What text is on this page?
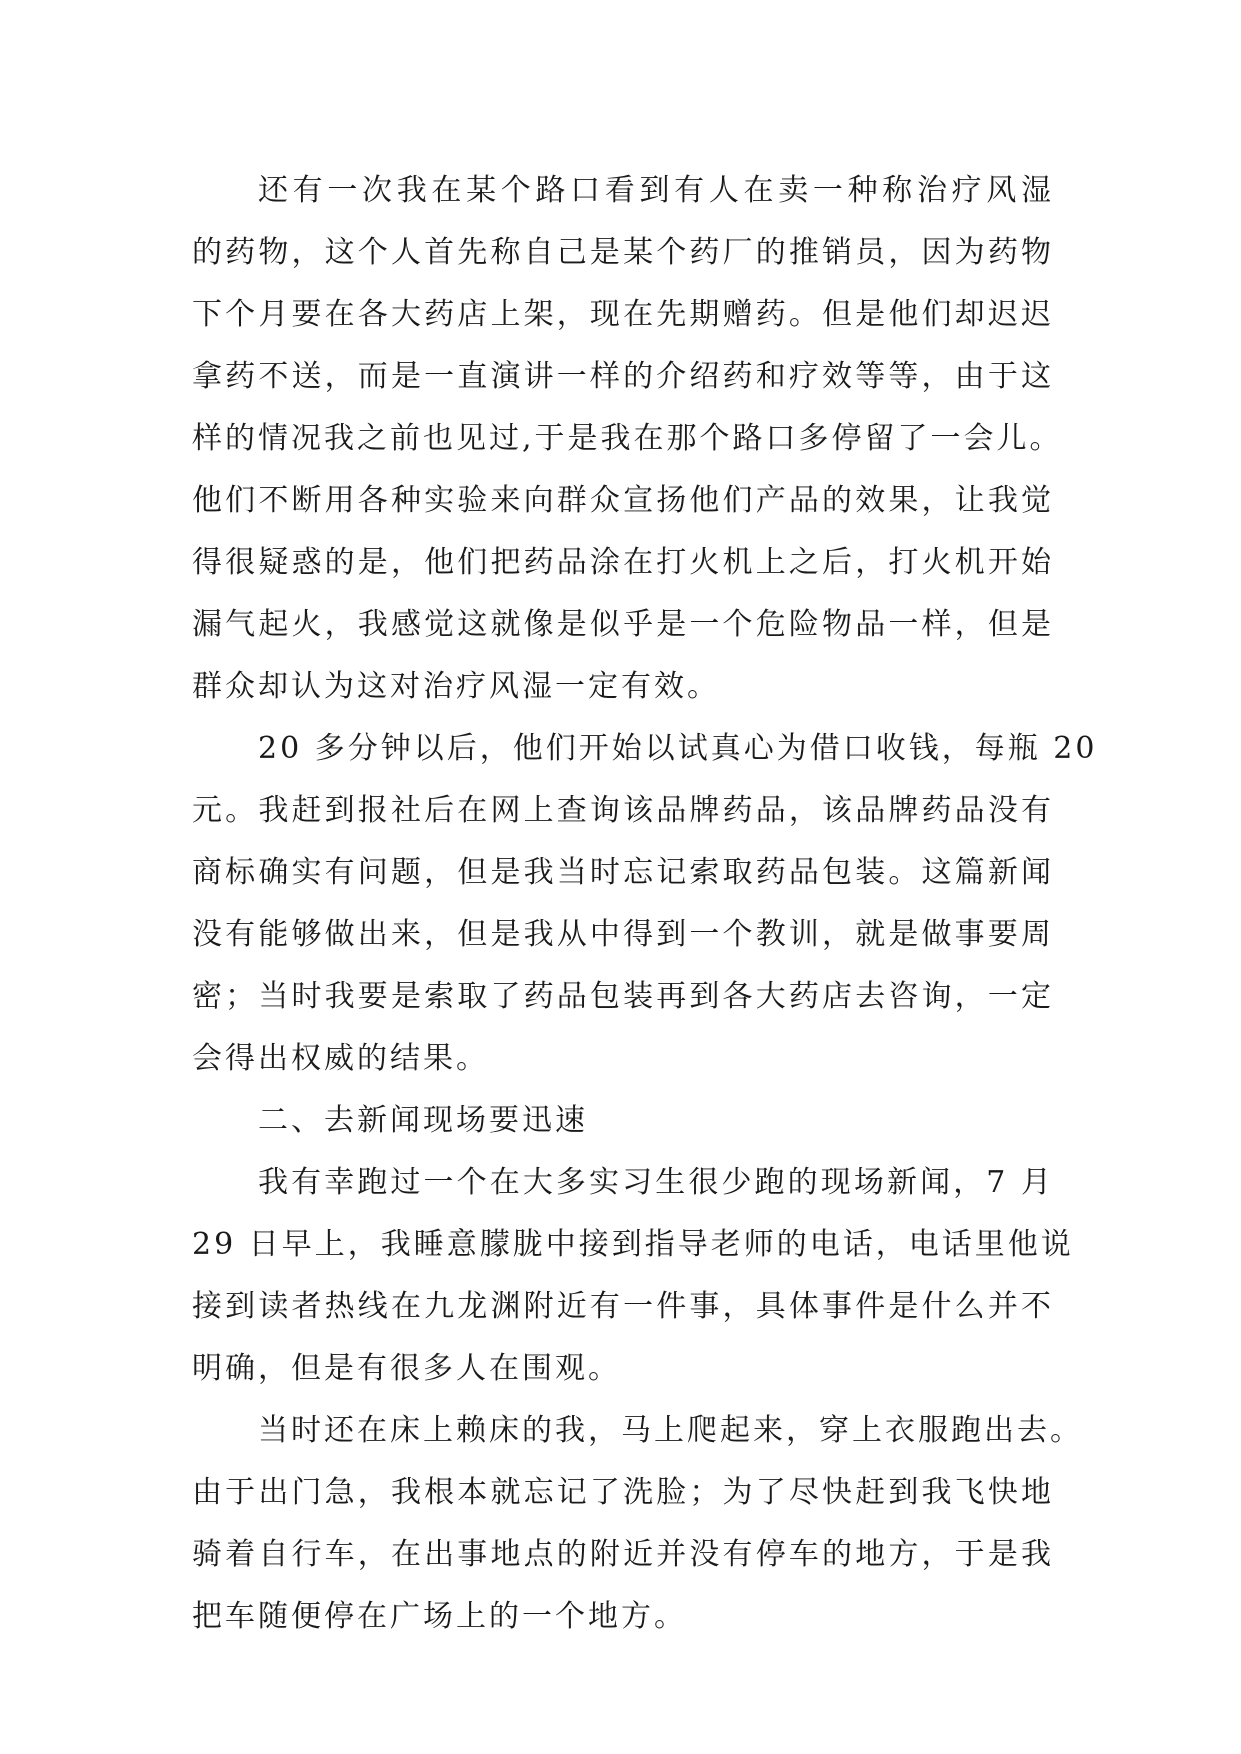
还有一次我在某个路口看到有人在卖一种称治疗风湿
的药物，这个人首先称自己是某个药厂的推销员，因为药物
下个月要在各大药店上架，现在先期赠药。但是他们却迟迟
拿药不送，而是一直演讲一样的介绍药和疗效等等，由于这
样的情况我之前也见过,于是我在那个路口多停留了一会儿。
他们不断用各种实验来向群众宣扬他们产品的效果，让我觉
得很疑惑的是，他们把药品涂在打火机上之后，打火机开始
漏气起火，我感觉这就像是似乎是一个危险物品一样，但是
群众却认为这对治疗风湿一定有效。
20 多分钟以后，他们开始以试真心为借口收钱，每瓶 20
元。我赶到报社后在网上查询该品牌药品，该品牌药品没有
商标确实有问题，但是我当时忘记索取药品包装。这篇新闻
没有能够做出来，但是我从中得到一个教训，就是做事要周
密；当时我要是索取了药品包装再到各大药店去咨询，一定
会得出权威的结果。
二、去新闻现场要迅速
我有幸跑过一个在大多实习生很少跑的现场新闻，7 月
29 日早上，我睡意朦胧中接到指导老师的电话，电话里他说
接到读者热线在九龙渊附近有一件事，具体事件是什么并不
明确，但是有很多人在围观。
当时还在床上赖床的我，马上爬起来，穿上衣服跑出去。
由于出门急，我根本就忘记了洗脸；为了尽快赶到我飞快地
骑着自行车，在出事地点的附近并没有停车的地方，于是我
把车随便停在广场上的一个地方。
